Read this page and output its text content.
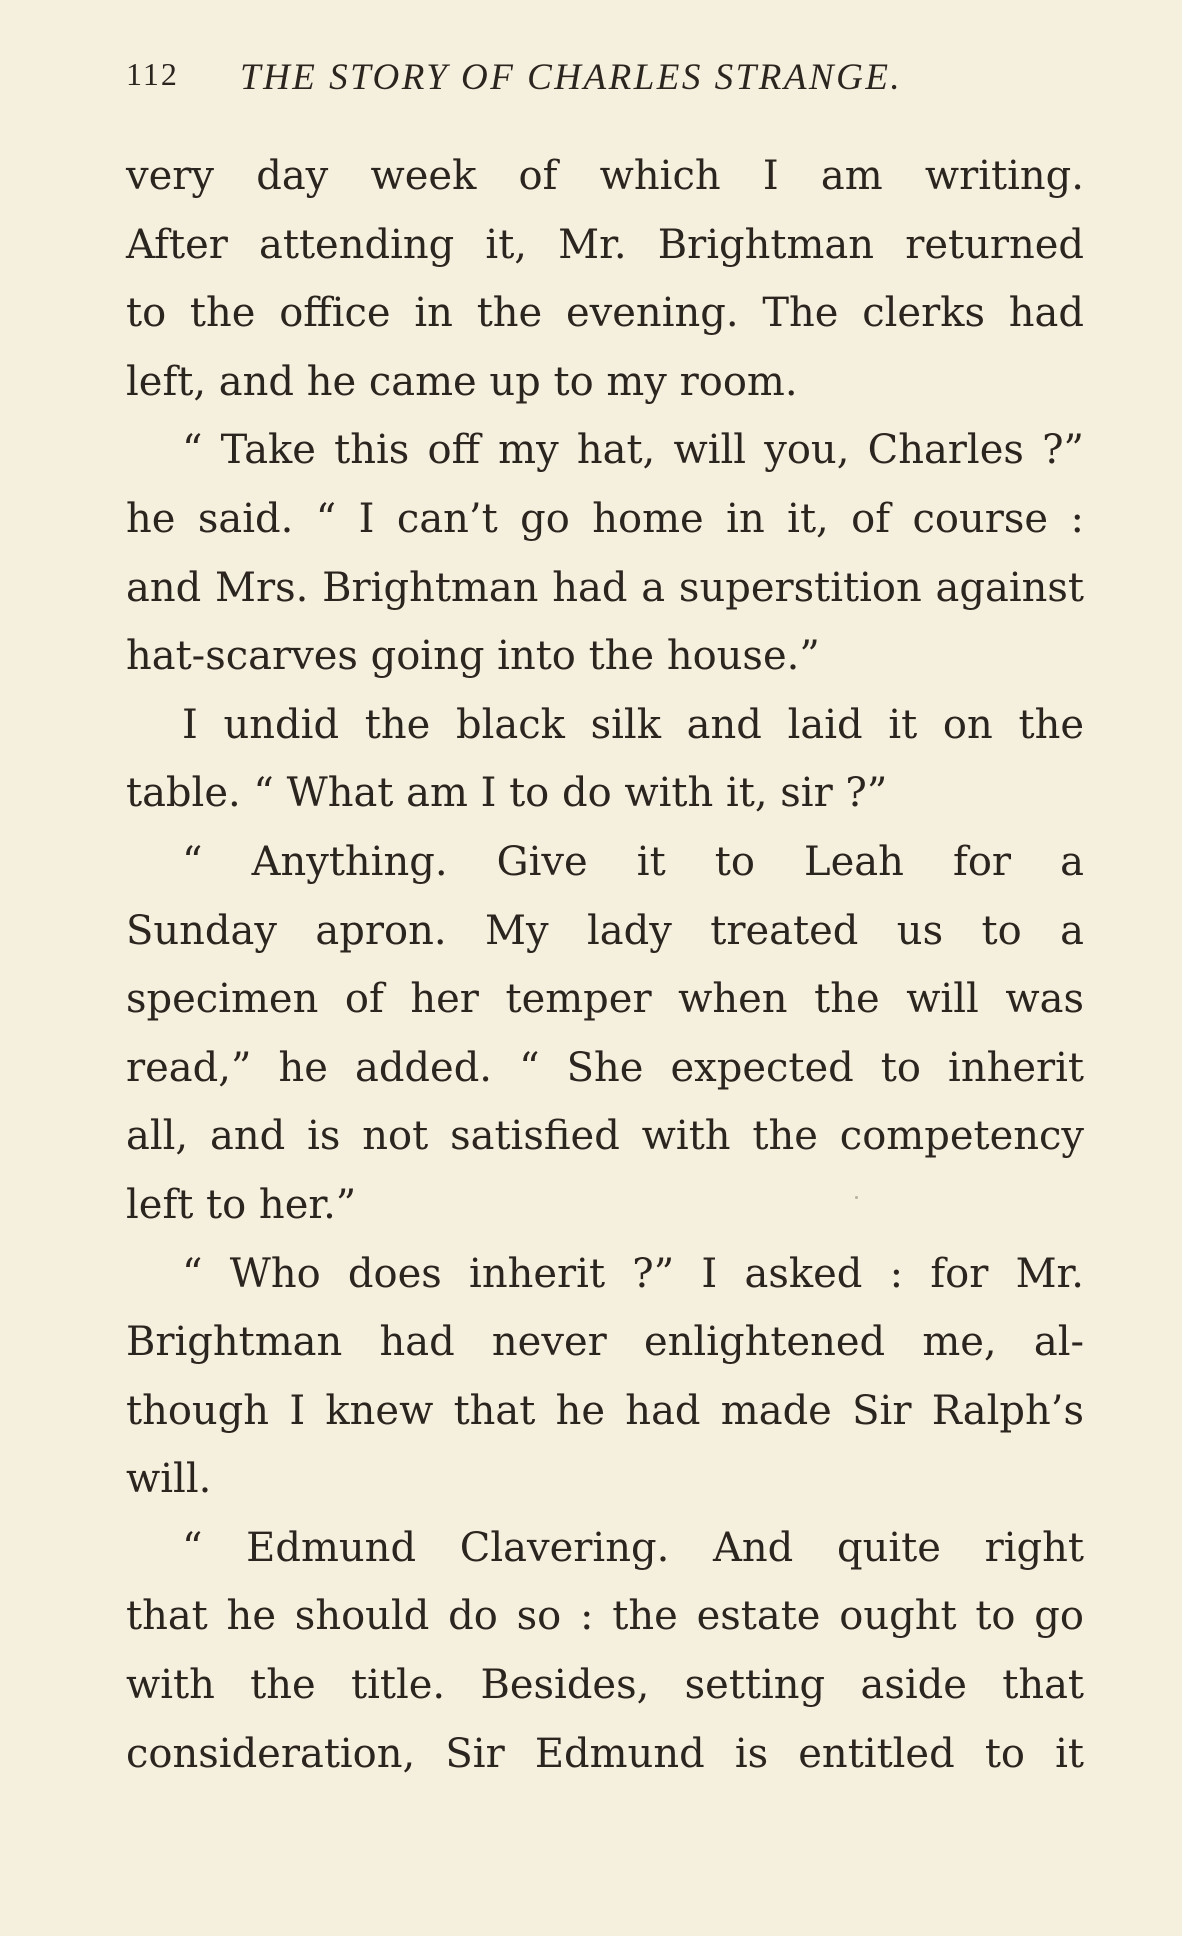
112 THE STORY OF CHARLES STRANGE.
very day week of which I am writing.
After attending it, Mr. Brightman returned
to the office in the evening. The clerks had
left, and he came up to my room.
“ Take this off my hat, will you, Charles ?”
he said. “ I can’t go home in it, of course :
and Mrs. Brightman had a superstition against
hat-scarves going into the house.”
I undid the black silk and laid it on the
table. “ What am I to do with it, sir ?”
“ Anything. Give it to Leah for a
Sunday apron. My lady treated us to a
specimen of her temper when the will was
read,” he added. “ She expected to inherit
all, and is not satisfied with the competency
left to her.”
“ Who does inherit ?” I asked : for Mr.
Brightman had never enlightened me, al-
though I knew that he had made Sir Ralph’s
will.
“ Edmund Clavering. And quite right
that he should do so : the estate ought to go
with the title. Besides, setting aside that
consideration, Sir Edmund is entitled to it
